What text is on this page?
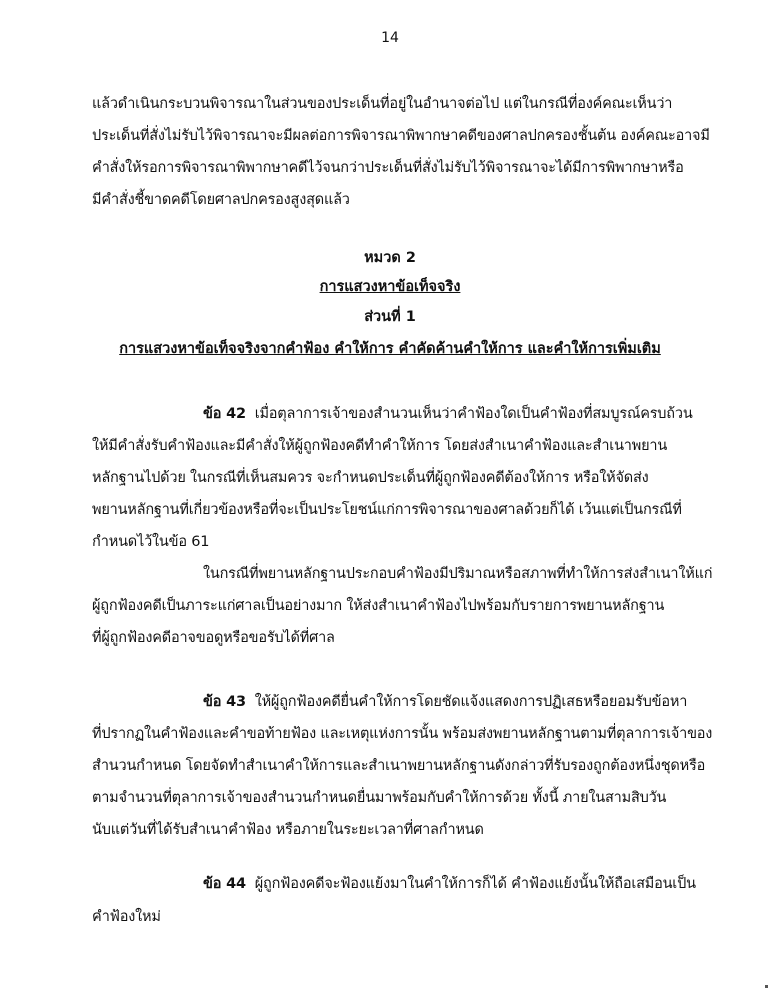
14
แล้วดำเนินกระบวนพิจารณาในส่วนของประเด็นที่อยู่ในอำนาจต่อไป แต่ในกรณีที่องค์คณะเห็นว่า
ประเด็นที่สั่งไม่รับไว้พิจารณาจะมีผลต่อการพิจารณาพิพากษาคดีของศาลปกครองชั้นต้น องค์คณะอาจมี
คำสั่งให้รอการพิจารณาพิพากษาคดีไว้จนกว่าประเด็นที่สั่งไม่รับไว้พิจารณาจะได้มีการพิพากษาหรือ
มีคำสั่งชี้ขาดคดีโดยศาลปกครองสูงสุดแล้ว
หมวด 2
การแสวงหาข้อเท็จจริง
ส่วนที่ 1
การแสวงหาข้อเท็จจริงจากคำฟ้อง คำให้การ คำคัดค้านคำให้การ และคำให้การเพิ่มเติม
ข้อ 42 เมื่อตุลาการเจ้าของสำนวนเห็นว่าคำฟ้องใดเป็นคำฟ้องที่สมบูรณ์ครบถ้วน
ให้มีคำสั่งรับคำฟ้องและมีคำสั่งให้ผู้ถูกฟ้องคดีทำคำให้การ โดยส่งสำเนาคำฟ้องและสำเนาพยาน
หลักฐานไปด้วย ในกรณีที่เห็นสมควร จะกำหนดประเด็นที่ผู้ถูกฟ้องคดีต้องให้การ หรือให้จัดส่ง
พยานหลักฐานที่เกี่ยวข้องหรือที่จะเป็นประโยชน์แก่การพิจารณาของศาลด้วยก็ได้ เว้นแต่เป็นกรณีที่
กำหนดไว้ในข้อ 61
ในกรณีที่พยานหลักฐานประกอบคำฟ้องมีปริมาณหรือสภาพที่ทำให้การส่งสำเนาให้แก่
ผู้ถูกฟ้องคดีเป็นภาระแก่ศาลเป็นอย่างมาก ให้ส่งสำเนาคำฟ้องไปพร้อมกับรายการพยานหลักฐาน
ที่ผู้ถูกฟ้องคดีอาจขอดูหรือขอรับได้ที่ศาล
ข้อ 43 ให้ผู้ถูกฟ้องคดียื่นคำให้การโดยชัดแจ้งแสดงการปฏิเสธหรือยอมรับข้อหา
ที่ปรากฏในคำฟ้องและคำขอท้ายฟ้อง และเหตุแห่งการนั้น พร้อมส่งพยานหลักฐานตามที่ตุลาการเจ้าของ
สำนวนกำหนด โดยจัดทำสำเนาคำให้การและสำเนาพยานหลักฐานดังกล่าวที่รับรองถูกต้องหนึ่งชุดหรือ
ตามจำนวนที่ตุลาการเจ้าของสำนวนกำหนดยื่นมาพร้อมกับคำให้การด้วย ทั้งนี้ ภายในสามสิบวัน
นับแต่วันที่ได้รับสำเนาคำฟ้อง หรือภายในระยะเวลาที่ศาลกำหนด
ข้อ 44 ผู้ถูกฟ้องคดีจะฟ้องแย้งมาในคำให้การก็ได้ คำฟ้องแย้งนั้นให้ถือเสมือนเป็น
คำฟ้องใหม่
